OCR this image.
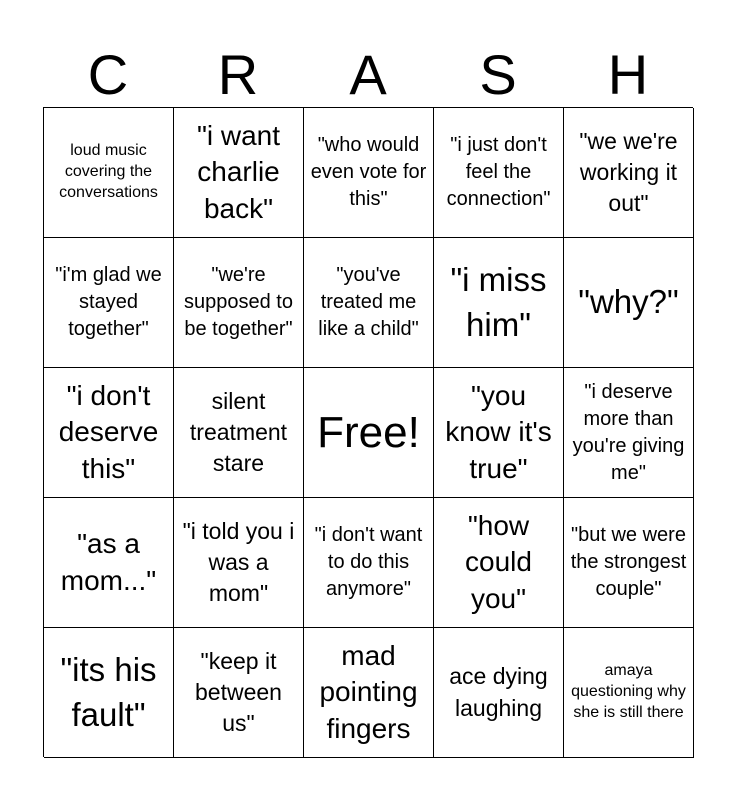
C	R	A	S	H
loud music covering the conversations
"i want charlie back"
"who would even vote for this"
"i just don't feel the connection"
"we we're working it out"
"i'm glad we stayed together"
"we're supposed to be together"
"you've treated me like a child"
"i miss him"
"why?"
"i don't deserve this"
silent treatment stare
Free!
"you know it's true"
"i deserve more than you're giving me"
"as a mom..."
"i told you i was a mom"
"i don't want to do this anymore"
"how could you"
"but we were the strongest couple"
"its his fault"
"keep it between us"
mad pointing fingers
ace dying laughing
amaya questioning why she is still there
